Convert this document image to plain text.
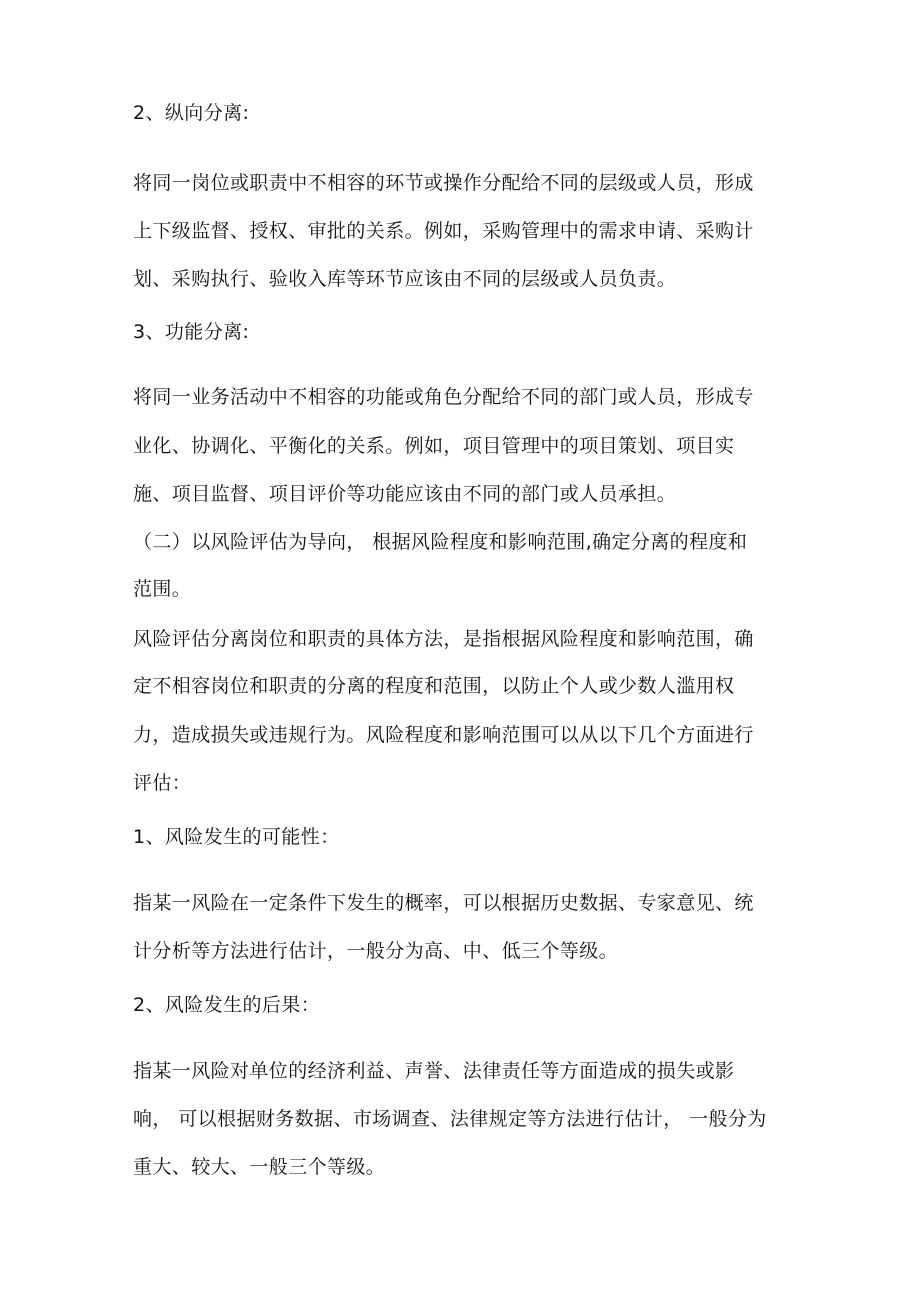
2、纵向分离:
将同一岗位或职责中不相容的环节或操作分配给不同的层级或人员，形成
上下级监督、授权、审批的关系。例如，采购管理中的需求申请、采购计
划、采购执行、验收入库等环节应该由不同的层级或人员负责。
3、功能分离:
将同一业务活动中不相容的功能或角色分配给不同的部门或人员，形成专
业化、协调化、平衡化的关系。例如，项目管理中的项目策划、项目实
施、项目监督、项目评价等功能应该由不同的部门或人员承担。
（二）以风险评估为导向， 根据风险程度和影响范围,确定分离的程度和
范围。
风险评估分离岗位和职责的具体方法，是指根据风险程度和影响范围，确
定不相容岗位和职责的分离的程度和范围，以防止个人或少数人滥用权
力，造成损失或违规行为。风险程度和影响范围可以从以下几个方面进行
评估：
1、风险发生的可能性：
指某一风险在一定条件下发生的概率，可以根据历史数据、专家意见、统
计分析等方法进行估计，一般分为高、中、低三个等级。
2、风险发生的后果：
指某一风险对单位的经济利益、声誉、法律责任等方面造成的损失或影
响， 可以根据财务数据、市场调查、法律规定等方法进行估计， 一般分为
重大、较大、一般三个等级。
